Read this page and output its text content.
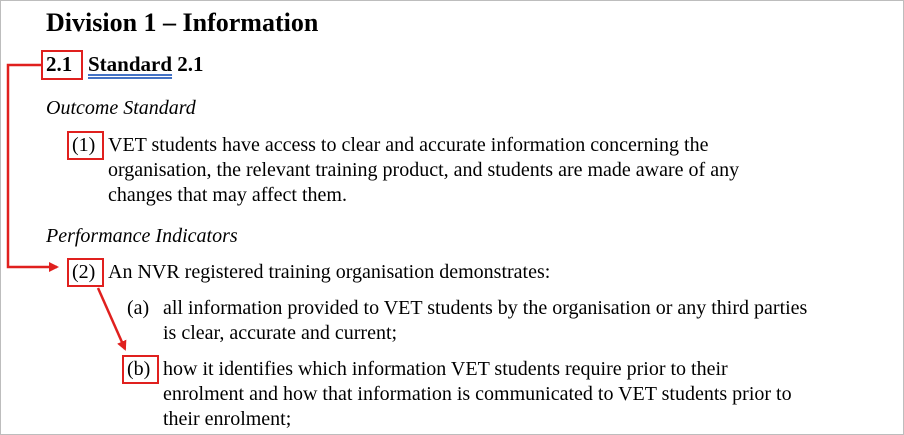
Division 1 – Information
2.1 Standard 2.1
Outcome Standard
(1) VET students have access to clear and accurate information concerning the
organisation, the relevant training product, and students are made aware of any
changes that may affect them.
Performance Indicators
(2) An NVR registered training organisation demonstrates:
(a) all information provided to VET students by the organisation or any third parties
is clear, accurate and current;
(b) how it identifies which information VET students require prior to their
enrolment and how that information is communicated to VET students prior to
their enrolment;
